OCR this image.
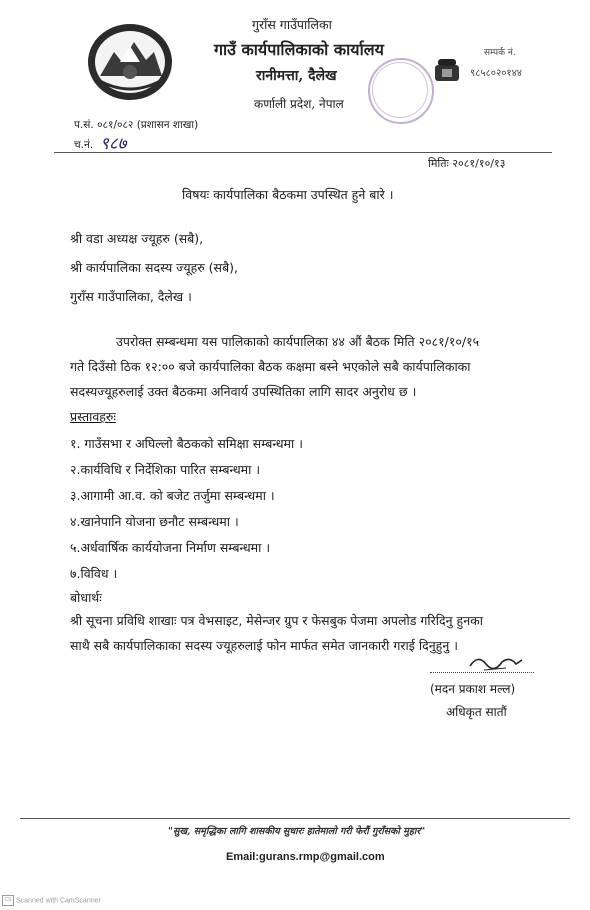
गुराँस गाउँपालिका
गाउँ कार्यपालिकाको कार्यालय
रानीमत्ता, दैलेख
कर्णाली प्रदेश, नेपाल
सम्पर्क नं.
९८५८०२०१४४
प.सं. ०८१/०८२ (प्रशासन शाखा)
च.नं. ९८७
मितिः २०८१/१०/१३
विषयः कार्यपालिका बैठकमा उपस्थित हुने बारे ।
श्री वडा अध्यक्ष ज्यूहरु (सबै),
श्री कार्यपालिका सदस्य ज्यूहरु (सबै),
गुराँस गाउँपालिका, दैलेख ।
उपरोक्त सम्बन्धमा यस पालिकाको कार्यपालिका ४४ औं बैठक मिति २०८१/१०/१५
गते दिउँसो ठिक १२:०० बजे कार्यपालिका बैठक कक्षमा बस्ने भएकोले सबै कार्यपालिकाका
सदस्यज्यूहरुलाई उक्त बैठकमा अनिवार्य उपस्थितिका लागि सादर अनुरोध छ ।
प्रस्तावहरुः
१. गाउँसभा र अघिल्लो बैठकको समिक्षा सम्बन्धमा ।
२.कार्यविधि र निर्देशिका पारित सम्बन्धमा ।
३.आगामी आ.व. को बजेट तर्जुमा सम्बन्धमा ।
४.खानेपानि योजना छनौट सम्बन्धमा ।
५.अर्धवार्षिक कार्ययोजना निर्माण सम्बन्धमा ।
७.विविध ।
बोधार्थः
श्री सूचना प्रविधि शाखाः पत्र वेभसाइट, मेसेन्जर ग्रुप र फेसबुक पेजमा अपलोड गरिदिनु हुनका
साथै सबै कार्यपालिकाका सदस्य ज्यूहरुलाई फोन मार्फत समेत जानकारी गराई दिनुहुनु ।
(मदन प्रकाश मल्ल)
अधिकृत सातौं
"सुख, समृद्धिका लागि शासकीय सुधारः हातेमालो गरी फेरौं गुराँसको मुहार"
Email:gurans.rmp@gmail.com
CS Scanned with CamScanner
